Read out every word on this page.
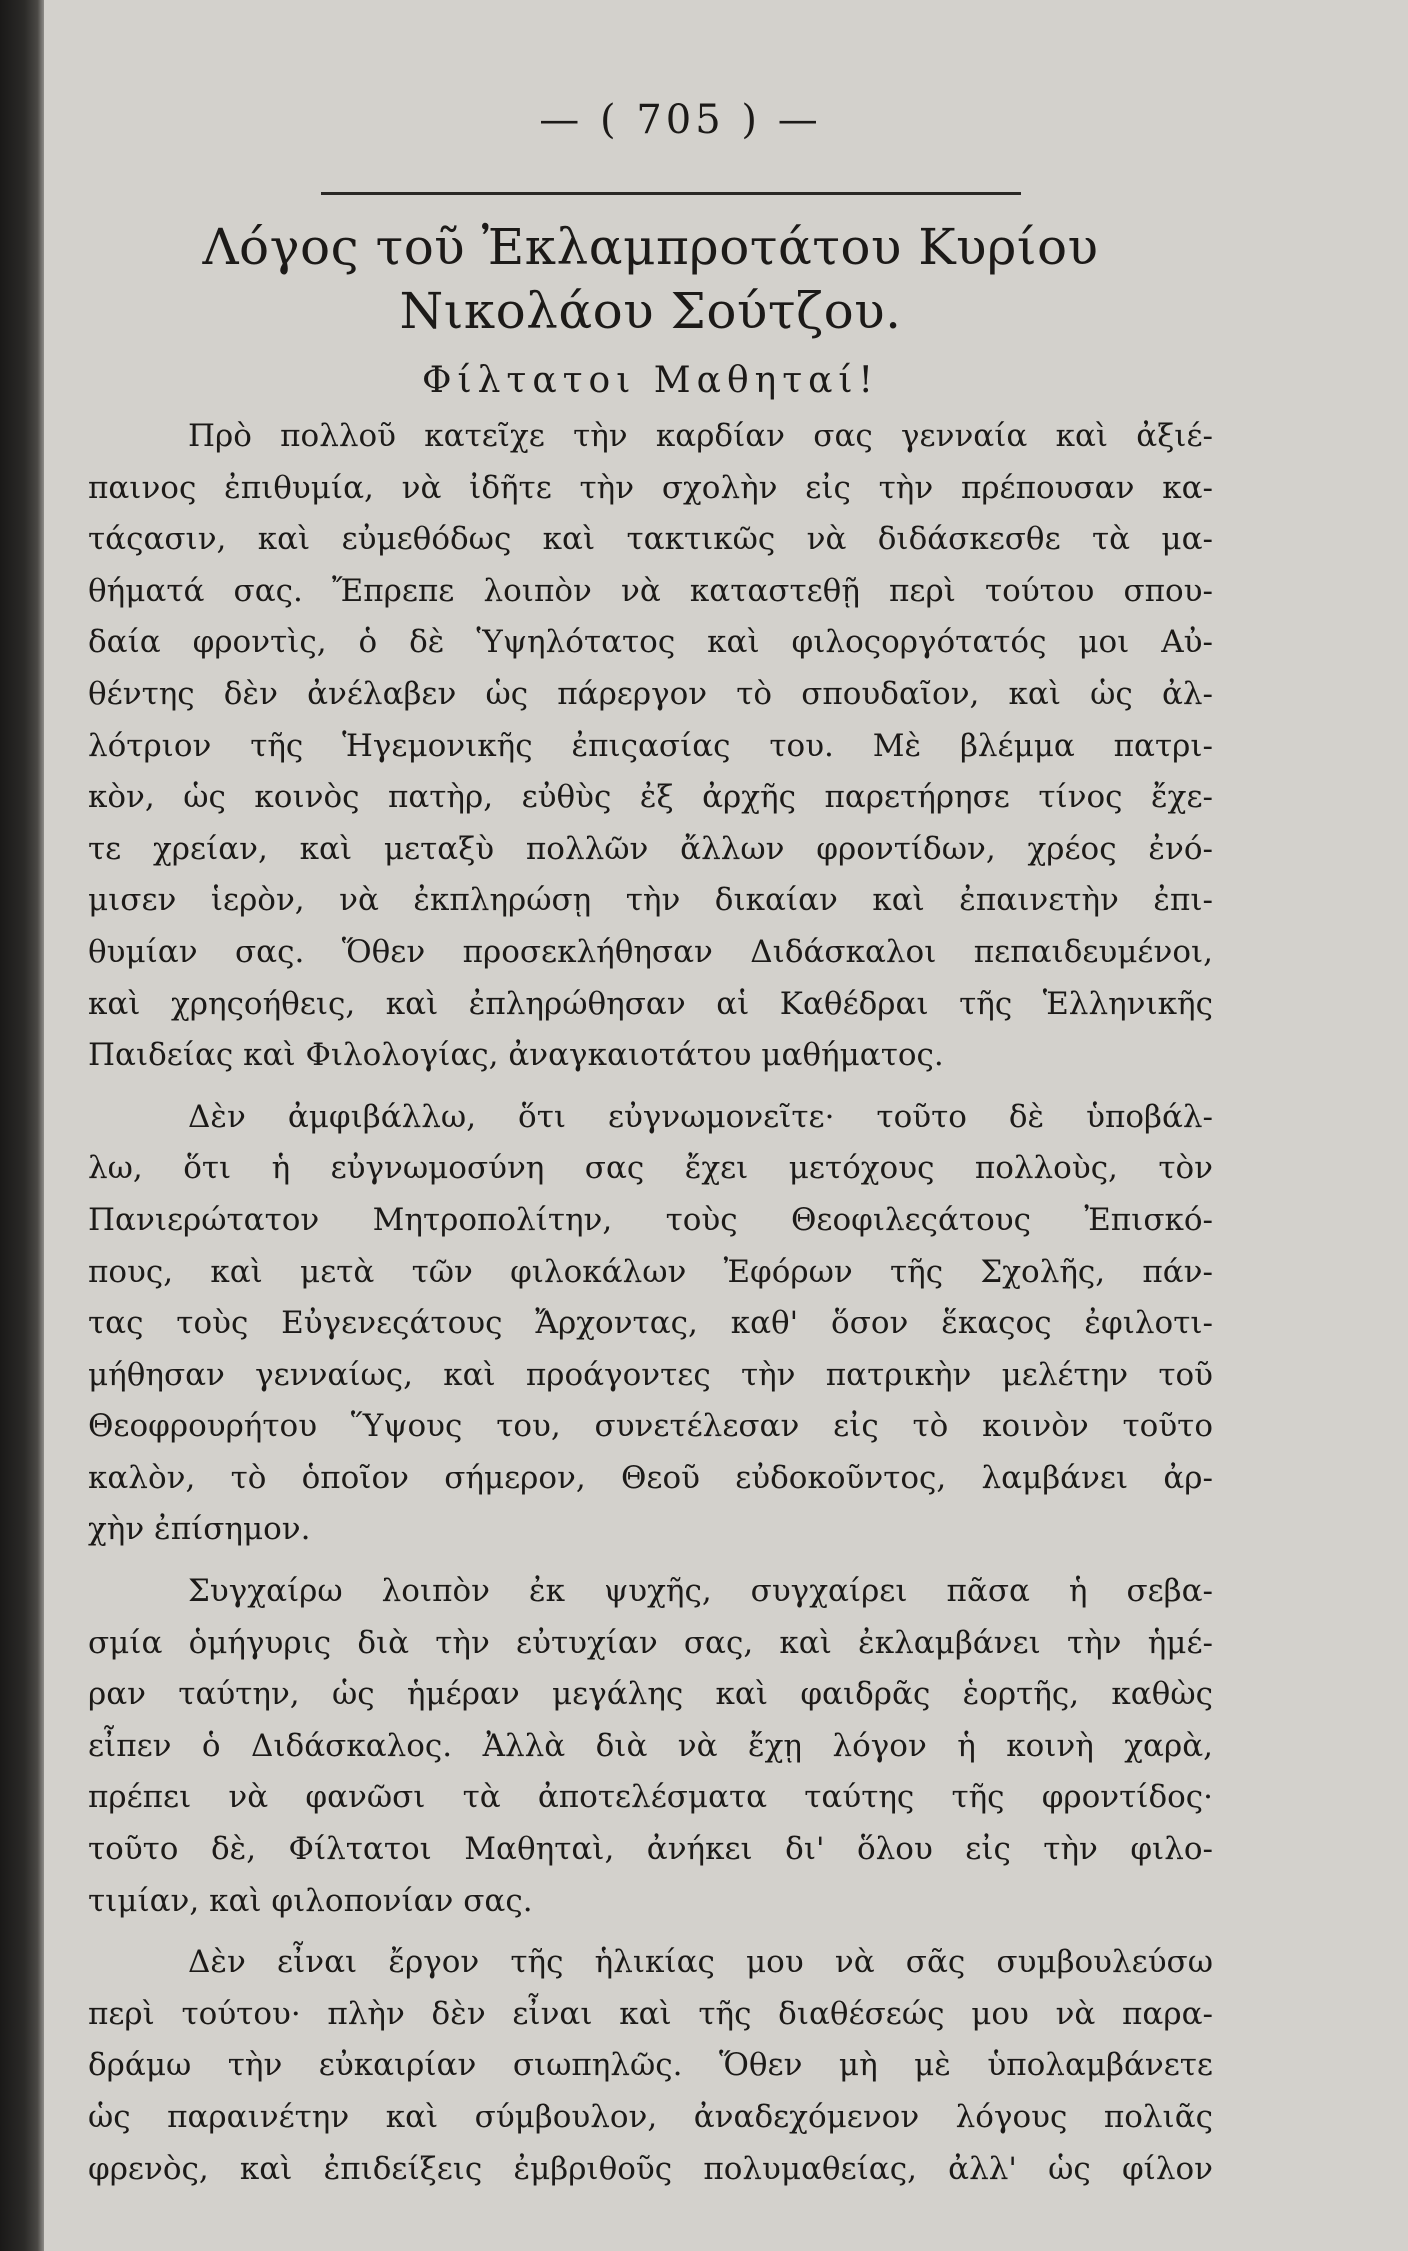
— ( 705 ) —
Λόγος τοῦ Ἐκλαμπροτάτου Κυρίου Νικολάου Σούτζου.
Φίλτατοι Μαθηταί!
Πρὸ πολλοῦ κατεῖχε τὴν καρδίαν σας γενναία καὶ ἀξιέ-
παινος ἐπιθυμία, νὰ ἰδῆτε τὴν σχολὴν εἰς τὴν πρέπουσαν κα-
τάςασιν, καὶ εὐμεθόδως καὶ τακτικῶς νὰ διδάσκεσθε τὰ μα-
θήματά σας. Ἔπρεπε λοιπὸν νὰ καταστεθῇ περὶ τούτου σπου-
δαία φροντὶς, ὁ δὲ Ὑψηλότατος καὶ φιλοςοργότατός μοι Αὐ-
θέντης δὲν ἀνέλαβεν ὡς πάρεργον τὸ σπουδαῖον, καὶ ὡς ἀλ-
λότριον τῆς Ἡγεμονικῆς ἐπιςασίας του. Μὲ βλέμμα πατρι-
κὸν, ὡς κοινὸς πατὴρ, εὐθὺς ἐξ ἀρχῆς παρετήρησε τίνος ἔχε-
τε χρείαν, καὶ μεταξὺ πολλῶν ἄλλων φροντίδων, χρέος ἐνό-
μισεν ἱερὸν, νὰ ἐκπληρώσῃ τὴν δικαίαν καὶ ἐπαινετὴν ἐπι-
θυμίαν σας. Ὅθεν προσεκλήθησαν Διδάσκαλοι πεπαιδευμένοι,
καὶ χρηςοήθεις, καὶ ἐπληρώθησαν αἱ Καθέδραι τῆς Ἑλληνικῆς
Παιδείας καὶ Φιλολογίας, ἀναγκαιοτάτου μαθήματος.
Δὲν ἀμφιβάλλω, ὅτι εὐγνωμονεῖτε· τοῦτο δὲ ὑποβάλ-
λω, ὅτι ἡ εὐγνωμοσύνη σας ἔχει μετόχους πολλοὺς, τὸν
Πανιερώτατον Μητροπολίτην, τοὺς Θεοφιλεςάτους Ἐπισκό-
πους, καὶ μετὰ τῶν φιλοκάλων Ἐφόρων τῆς Σχολῆς, πάν-
τας τοὺς Εὐγενεςάτους Ἄρχοντας, καθ' ὅσον ἕκαςος ἐφιλοτι-
μήθησαν γενναίως, καὶ προάγοντες τὴν πατρικὴν μελέτην τοῦ
Θεοφρουρήτου Ὕψους του, συνετέλεσαν εἰς τὸ κοινὸν τοῦτο
καλὸν, τὸ ὁποῖον σήμερον, Θεοῦ εὐδοκοῦντος, λαμβάνει ἀρ-
χὴν ἐπίσημον.
Συγχαίρω λοιπὸν ἐκ ψυχῆς, συγχαίρει πᾶσα ἡ σεβα-
σμία ὁμήγυρις διὰ τὴν εὐτυχίαν σας, καὶ ἐκλαμβάνει τὴν ἡμέ-
ραν ταύτην, ὡς ἡμέραν μεγάλης καὶ φαιδρᾶς ἑορτῆς, καθὼς
εἶπεν ὁ Διδάσκαλος. Ἀλλὰ διὰ νὰ ἔχῃ λόγον ἡ κοινὴ χαρὰ,
πρέπει νὰ φανῶσι τὰ ἀποτελέσματα ταύτης τῆς φροντίδος·
τοῦτο δὲ, Φίλτατοι Μαθηταὶ, ἀνήκει δι' ὅλου εἰς τὴν φιλο-
τιμίαν, καὶ φιλοπονίαν σας.
Δὲν εἶναι ἔργον τῆς ἡλικίας μου νὰ σᾶς συμβουλεύσω
περὶ τούτου· πλὴν δὲν εἶναι καὶ τῆς διαθέσεώς μου νὰ παρα-
δράμω τὴν εὐκαιρίαν σιωπηλῶς. Ὅθεν μὴ μὲ ὑπολαμβάνετε
ὡς παραινέτην καὶ σύμβουλον, ἀναδεχόμενον λόγους πολιᾶς
φρενὸς, καὶ ἐπιδείξεις ἐμβριθοῦς πολυμαθείας, ἀλλ' ὡς φίλον
